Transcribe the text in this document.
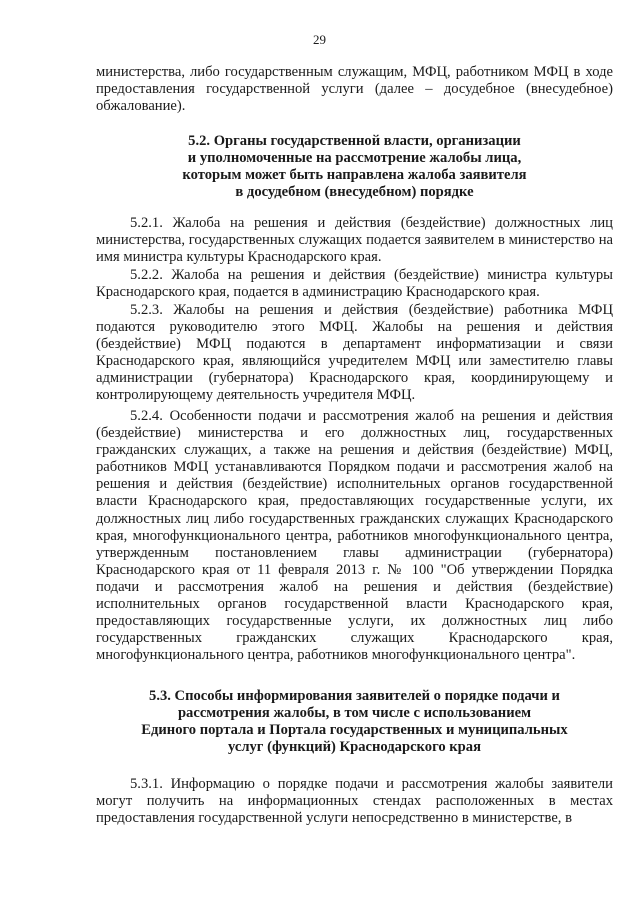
29

министерства, либо государственным служащим, МФЦ, работником МФЦ в ходе предоставления государственной услуги (далее – досудебное (внесудебное) обжалование).

5.2. Органы государственной власти, организации
и уполномоченные на рассмотрение жалобы лица,
которым может быть направлена жалоба заявителя
в досудебном (внесудебном) порядке

5.2.1. Жалоба на решения и действия (бездействие) должностных лиц министерства, государственных служащих подается заявителем в министерство на имя министра культуры Краснодарского края.

5.2.2. Жалоба на решения и действия (бездействие) министра культуры Краснодарского края, подается в администрацию Краснодарского края.

5.2.3. Жалобы на решения и действия (бездействие) работника МФЦ подаются руководителю этого МФЦ. Жалобы на решения и действия (бездействие) МФЦ подаются в департамент информатизации и связи Краснодарского края, являющийся учредителем МФЦ или заместителю главы администрации (губернатора) Краснодарского края, координирующему и контролирующему деятельность учредителя МФЦ.

5.2.4. Особенности подачи и рассмотрения жалоб на решения и действия (бездействие) министерства и его должностных лиц, государственных гражданских служащих, а также на решения и действия (бездействие) МФЦ, работников МФЦ устанавливаются Порядком подачи и рассмотрения жалоб на решения и действия (бездействие) исполнительных органов государственной власти Краснодарского края, предоставляющих государственные услуги, их должностных лиц либо государственных гражданских служащих Краснодарского края, многофункционального центра, работников многофункционального центра, утвержденным постановлением главы администрации (губернатора) Краснодарского края от 11 февраля 2013 г. № 100 "Об утверждении Порядка подачи и рассмотрения жалоб на решения и действия (бездействие) исполнительных органов государственной власти Краснодарского края, предоставляющих государственные услуги, их должностных лиц либо государственных гражданских служащих Краснодарского края, многофункционального центра, работников многофункционального центра".

5.3. Способы информирования заявителей о порядке подачи и
рассмотрения жалобы, в том числе с использованием
Единого портала и Портала государственных и муниципальных
услуг (функций) Краснодарского края

5.3.1. Информацию о порядке подачи и рассмотрения жалобы заявители могут получить на информационных стендах расположенных в местах предоставления государственной услуги непосредственно в министерстве, в
